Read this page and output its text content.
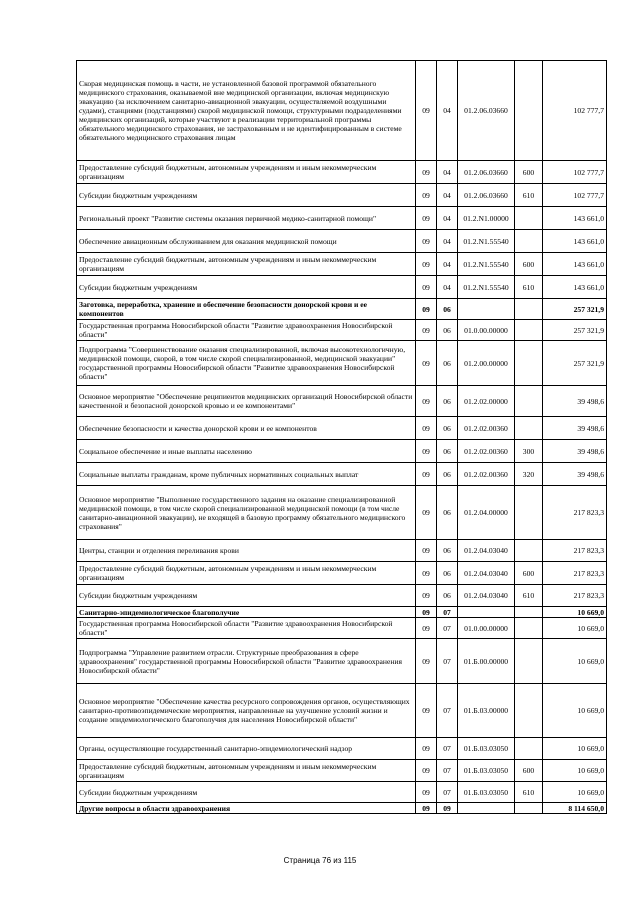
Скорая медицинская помощь в части, не установленной базовой программой обязательного медицинского страхования, оказываемой вне медицинской организации, включая медицинскую эвакуацию (за исключением санитарно-авиационной эвакуации, осуществляемой воздушными судами), станциями (подстанциями) скорой медицинской помощи, структурными подразделениями медицинских организаций, которые участвуют в реализации территориальной программы обязательного медицинского страхования, не застрахованным и не идентифицированным в системе обязательного медицинского страхования лицам	09	04	01.2.06.03660		102 777,7
Предоставление субсидий бюджетным, автономным учреждениям и иным некоммерческим организациям	09	04	01.2.06.03660	600	102 777,7
Субсидии бюджетным учреждениям	09	04	01.2.06.03660	610	102 777,7
Региональный проект "Развитие системы оказания первичной медико-санитарной помощи"	09	04	01.2.N1.00000		143 661,0
Обеспечение авиационным обслуживанием для оказания медицинской помощи	09	04	01.2.N1.55540		143 661,0
Предоставление субсидий бюджетным, автономным учреждениям и иным некоммерческим организациям	09	04	01.2.N1.55540	600	143 661,0
Субсидии бюджетным учреждениям	09	04	01.2.N1.55540	610	143 661,0
Заготовка, переработка, хранение и обеспечение безопасности донорской крови и ее компонентов	09	06			257 321,9
Государственная программа Новосибирской области "Развитие здравоохранения Новосибирской области"	09	06	01.0.00.00000		257 321,9
Подпрограмма "Совершенствование оказания специализированной, включая высокотехнологичную, медицинской помощи, скорой, в том числе скорой специализированной, медицинской эвакуации" государственной программы Новосибирской области "Развитие здравоохранения Новосибирской области"	09	06	01.2.00.00000		257 321,9
Основное мероприятие "Обеспечение реципиентов медицинских организаций Новосибирской области качественной и безопасной донорской кровью и ее компонентами"	09	06	01.2.02.00000		39 498,6
Обеспечение безопасности и качества донорской крови и ее компонентов	09	06	01.2.02.00360		39 498,6
Социальное обеспечение и иные выплаты населению	09	06	01.2.02.00360	300	39 498,6
Социальные выплаты гражданам, кроме публичных нормативных социальных выплат	09	06	01.2.02.00360	320	39 498,6
Основное мероприятие "Выполнение государственного задания на оказание специализированной медицинской помощи, в том числе скорой специализированной медицинской помощи (в том числе санитарно-авиационной эвакуации), не входящей в базовую программу обязательного медицинского страхования"	09	06	01.2.04.00000		217 823,3
Центры, станции и отделения переливания крови	09	06	01.2.04.03040		217 823,3
Предоставление субсидий бюджетным, автономным учреждениям и иным некоммерческим организациям	09	06	01.2.04.03040	600	217 823,3
Субсидии бюджетным учреждениям	09	06	01.2.04.03040	610	217 823,3
Санитарно-эпидемиологическое благополучие	09	07			10 669,0
Государственная программа Новосибирской области "Развитие здравоохранения Новосибирской области"	09	07	01.0.00.00000		10 669,0
Подпрограмма "Управление развитием отрасли. Структурные преобразования в сфере здравоохранения" государственной программы Новосибирской области "Развитие здравоохранения Новосибирской области"	09	07	01.Б.00.00000		10 669,0
Основное мероприятие "Обеспечение качества ресурсного сопровождения органов, осуществляющих санитарно-противоэпидемические мероприятия, направленные на улучшение условий жизни и создание эпидемиологического благополучия для населения Новосибирской области"	09	07	01.Б.03.00000		10 669,0
Органы, осуществляющие государственный санитарно-эпидемиологический надзор	09	07	01.Б.03.03050		10 669,0
Предоставление субсидий бюджетным, автономным учреждениям и иным некоммерческим организациям	09	07	01.Б.03.03050	600	10 669,0
Субсидии бюджетным учреждениям	09	07	01.Б.03.03050	610	10 669,0
Другие вопросы в области здравоохранения	09	09			8 114 650,0
Страница 76 из 115
